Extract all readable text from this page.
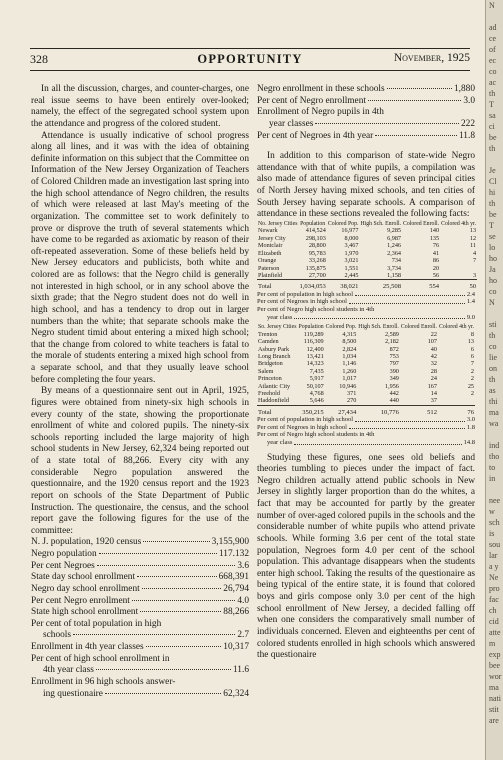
328	OPPORTUNITY	November, 1925

In all the discussion, charges, and counter-charges, one real issue seems to have been entirely over-looked; namely, the effect of the segregated school system upon the attendance and progress of the colored student.

Attendance is usually indicative of school progress along all lines, and it was with the idea of obtaining definite information on this subject that the Committee on Information of the New Jersey Organization of Teachers of Colored Children made an investigation last spring into the high school attendance of Negro children, the results of which were released at last May's meeting of the organization. The committee set to work definitely to prove or disprove the truth of several statements which have come to be regarded as axiomatic by reason of their oft-repeated asseveration. Some of these beliefs held by New Jersey educators and publicists, both white and colored are as follows: that the Negro child is generally not interested in high school, or in any school above the sixth grade; that the Negro student does not do well in high school, and has a tendency to drop out in larger numbers than the white; that separate schools make the Negro student timid about entering a mixed high school; that the change from colored to white teachers is fatal to the morale of students entering a mixed high school from a separate school, and that they usually leave school before completing the four years.

By means of a questionnaire sent out in April, 1925, figures were obtained from ninety-six high schools in every county of the state, showing the proportionate enrollment of white and colored pupils. The ninety-six schools reporting included the large majority of high school students in New Jersey, 62,324 being reported out of a state total of 88,266. Every city with any considerable Negro population answered the questionnaire, and the 1920 census report and the 1923 report on schools of the State Department of Public Instruction. The questionaire, the census, and the school report gave the following figures for the use of the committee:

N. J. population, 1920 census	3,155,900
Negro population	117.132
Per cent Negroes	3.6
State day school enrollment	668,391
Negro day school enrollment	26,794
Per cent Negro enrollment	4.0
State high school enrollment	88,266
Per cent of total population in high
schools	2.7
Enrollment in 4th year classes	10,317
Per cent of high school enrollment in
4th year class	11.6
Enrollment in 96 high schools answer-
ing questionaire	62,324
Negro enrollment in these schools	1,880
Per cent of Negro enrollment	3.0
Enrollment of Negro pupils in 4th
year classes	222
Per cent of Negroes in 4th year	11.8

In addition to this comparison of state-wide Negro attendance with that of white pupils, a compilation was also made of attendance figures of seven principal cities of North Jersey having mixed schools, and ten cities of South Jersey having separate schools. A comparison of attendance in these sections revealed the following facts:

No. Jersey Cities	Population	Colored Pop.	High Sch. Enroll.	Colored Enroll.	Colored 4th yr.
Newark	414,524	16,977	9,285	140	13
Jersey City	298,103	8,000	6,987	135	12
Montclair	28,800	3,467	1,246	76	11
Elizabeth	95,783	1,970	2,364	41	4
Orange	33,268	3,021	734	86	7
Paterson	135,875	1,551	3,734	20	
Plainfield	27,700	2,445	1,158	56	3
Total	1,034,053	38,021	25,508	554	50
Per cent of population in high school	2.4
Per cent of Negroes in high school	1.4
Per cent of Negro high school students in 4th
year class	9.0
So. Jersey Cities	Population	Colored Pop.	High Sch. Enroll.	Colored Enroll.	Colored 4th yr.
Trenton	119,289	4,315	2,589	22	8
Camden	116,309	8,500	2,182	107	13
Asbury Park	12,400	2,824	872	40	6
Long Branch	13,421	1,034	753	42	6
Bridgeton	14,323	1,146	797	32	7
Salem	7,435	1,260	390	28	2
Princeton	5,917	1,017	349	24	2
Atlantic City	50,107	10,946	1,956	167	25
Freehold	4,768	371	442	14	2
Haddonfield	5,646	270	440	37	
Total	350,215	27,434	10,776	512	76
Per cent of population in high school	3.0
Per cent of Negroes in high school	1.8
Per cent of Negro high school students in 4th
year class	14.8

Studying these figures, one sees old beliefs and theories tumbling to pieces under the impact of fact. Negro children actually attend public schools in New Jersey in slightly larger proportion than do the whites, a fact that may be accounted for partly by the greater number of over-aged colored pupils in the schools and the considerable number of white pupils who attend private schools. While forming 3.6 per cent of the total state population, Negroes form 4.0 per cent of the school population. This advantage disappears when the students enter high school. Taking the results of the questionaire as being typical of the entire state, it is found that colored boys and girls compose only 3.0 per cent of the high school enrollment of New Jersey, a decided falling off when one considers the comparatively small number of individuals concerned. Eleven and eighteenths per cent of colored students enrolled in high schools which answered the questionaire

N

ad
ce
of
ec
co
ac
th
T
sa
ci
be
th

Je
Cl
hi
th
be
T
se
lo
ho
Ja
ho
co
N

sti
th
co
lie
on
th
as
thi
ma
wa

ind
tho
to
in

nee
w
sch
is
sou
lar
a y
Ne
pro
fac
ch
cid
atte
m
exp
bee
wor
ma
nati
stit
are
